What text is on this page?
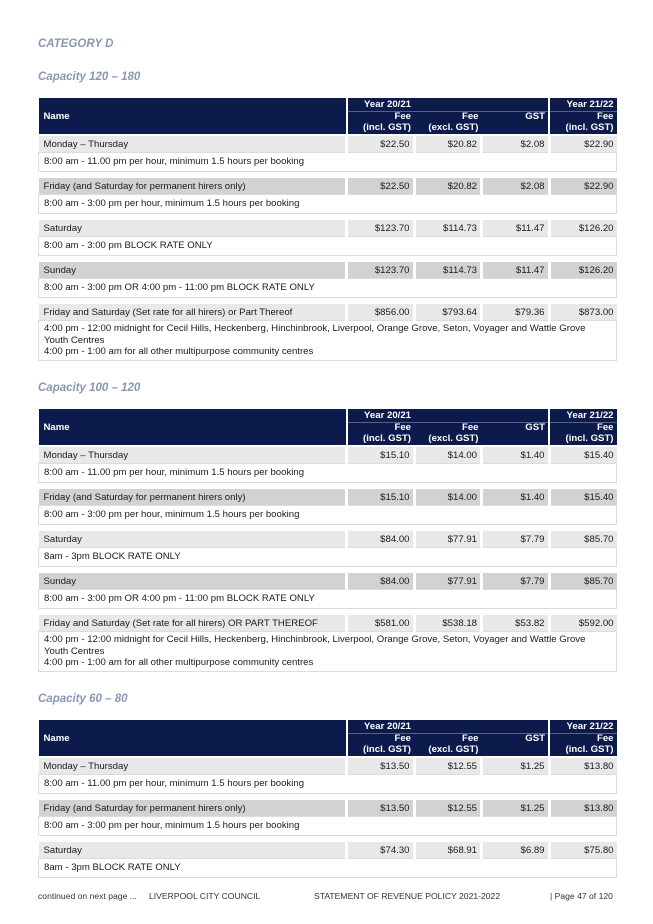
CATEGORY D
Capacity 120 – 180
Name	Year 20/21
Fee
(incl. GST)	Fee
(excl. GST)	GST	Year 21/22
Fee
(incl. GST)

Monday – Thursday	$22.50	$20.82	$2.08	$22.90
8:00 am - 11.00 pm per hour, minimum 1.5 hours per booking				

Friday (and Saturday for permanent hirers only)	$22.50	$20.82	$2.08	$22.90
8:00 am - 3:00 pm per hour, minimum 1.5 hours per booking				

Saturday	$123.70	$114.73	$11.47	$126.20
8:00 am - 3:00 pm BLOCK RATE ONLY				

Sunday	$123.70	$114.73	$11.47	$126.20
8:00 am - 3:00 pm OR 4:00 pm - 11:00 pm BLOCK RATE ONLY				

Friday and Saturday (Set rate for all hirers) or Part Thereof	$856.00	$793.64	$79.36	$873.00

4:00 pm - 12:00 midnight for Cecil Hills, Heckenberg, Hinchinbrook, Liverpool, Orange Grove, Seton, Voyager and Wattle Grove Youth Centres
4:00 pm - 1:00 am for all other multipurpose community centres				
Capacity 100 – 120
Name	Year 20/21
Fee
(incl. GST)	Fee
(excl. GST)	GST	Year 21/22
Fee
(incl. GST)

Monday – Thursday	$15.10	$14.00	$1.40	$15.40
8:00 am - 11.00 pm per hour, minimum 1.5 hours per booking				

Friday (and Saturday for permanent hirers only)	$15.10	$14.00	$1.40	$15.40
8:00 am - 3:00 pm per hour, minimum 1.5 hours per booking				

Saturday	$84.00	$77.91	$7.79	$85.70
8am - 3pm BLOCK RATE ONLY				

Sunday	$84.00	$77.91	$7.79	$85.70
8:00 am - 3:00 pm OR 4:00 pm - 11:00 pm BLOCK RATE ONLY				

Friday and Saturday (Set rate for all hirers) OR PART THEREOF	$581.00	$538.18	$53.82	$592.00

4:00 pm - 12:00 midnight for Cecil Hills, Heckenberg, Hinchinbrook, Liverpool, Orange Grove, Seton, Voyager and Wattle Grove Youth Centres
4:00 pm - 1:00 am for all other multipurpose community centres				
Capacity 60 – 80
Name	Year 20/21
Fee
(incl. GST)	Fee
(excl. GST)	GST	Year 21/22
Fee
(incl. GST)

Monday – Thursday	$13.50	$12.55	$1.25	$13.80
8:00 am - 11.00 pm per hour, minimum 1.5 hours per booking				

Friday (and Saturday for permanent hirers only)	$13.50	$12.55	$1.25	$13.80
8:00 am - 3:00 pm per hour, minimum 1.5 hours per booking				

Saturday	$74.30	$68.91	$6.89	$75.80
8am - 3pm BLOCK RATE ONLY				
continued on next page ... LIVERPOOL CITY COUNCIL	STATEMENT OF REVENUE POLICY 2021-2022	| Page 47 of 120
